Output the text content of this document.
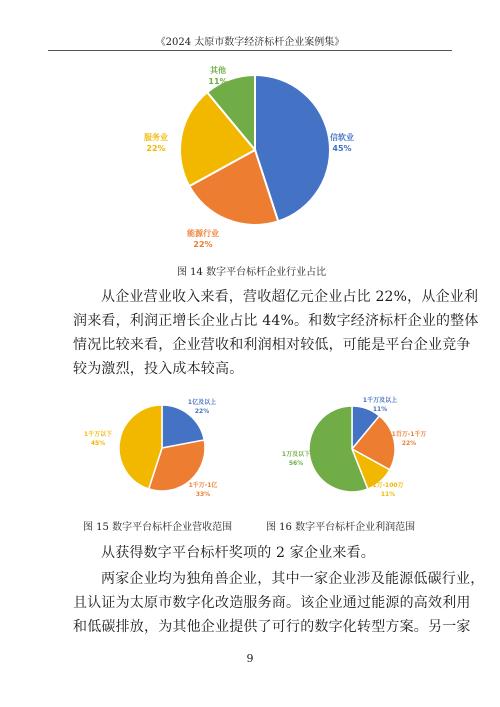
《2024 太原市数字经济标杆企业案例集》
信软业
45%
能源行业
22%
服务业
22%
其他
11%
图 14 数字平台标杆企业行业占比
从企业营业收入来看，营收超亿元企业占比 22%，从企业利
润来看，利润正增长企业占比 44%。和数字经济标杆企业的整体
情况比较来看，企业营收和利润相对较低，可能是平台企业竞争
较为激烈，投入成本较高。
1亿及以上
22%
1千万-1亿
33%
1千万以下
45%
1千万及以上
11%
1百万-1千万
22%
1万-100万
11%
1万及以下
56%
图 15 数字平台标杆企业营收范围	图 16 数字平台标杆企业利润范围
从获得数字平台标杆奖项的 2 家企业来看。
两家企业均为独角兽企业，其中一家企业涉及能源低碳行业，
且认证为太原市数字化改造服务商。该企业通过能源的高效利用
和低碳排放，为其他企业提供了可行的数字化转型方案。另一家
9
